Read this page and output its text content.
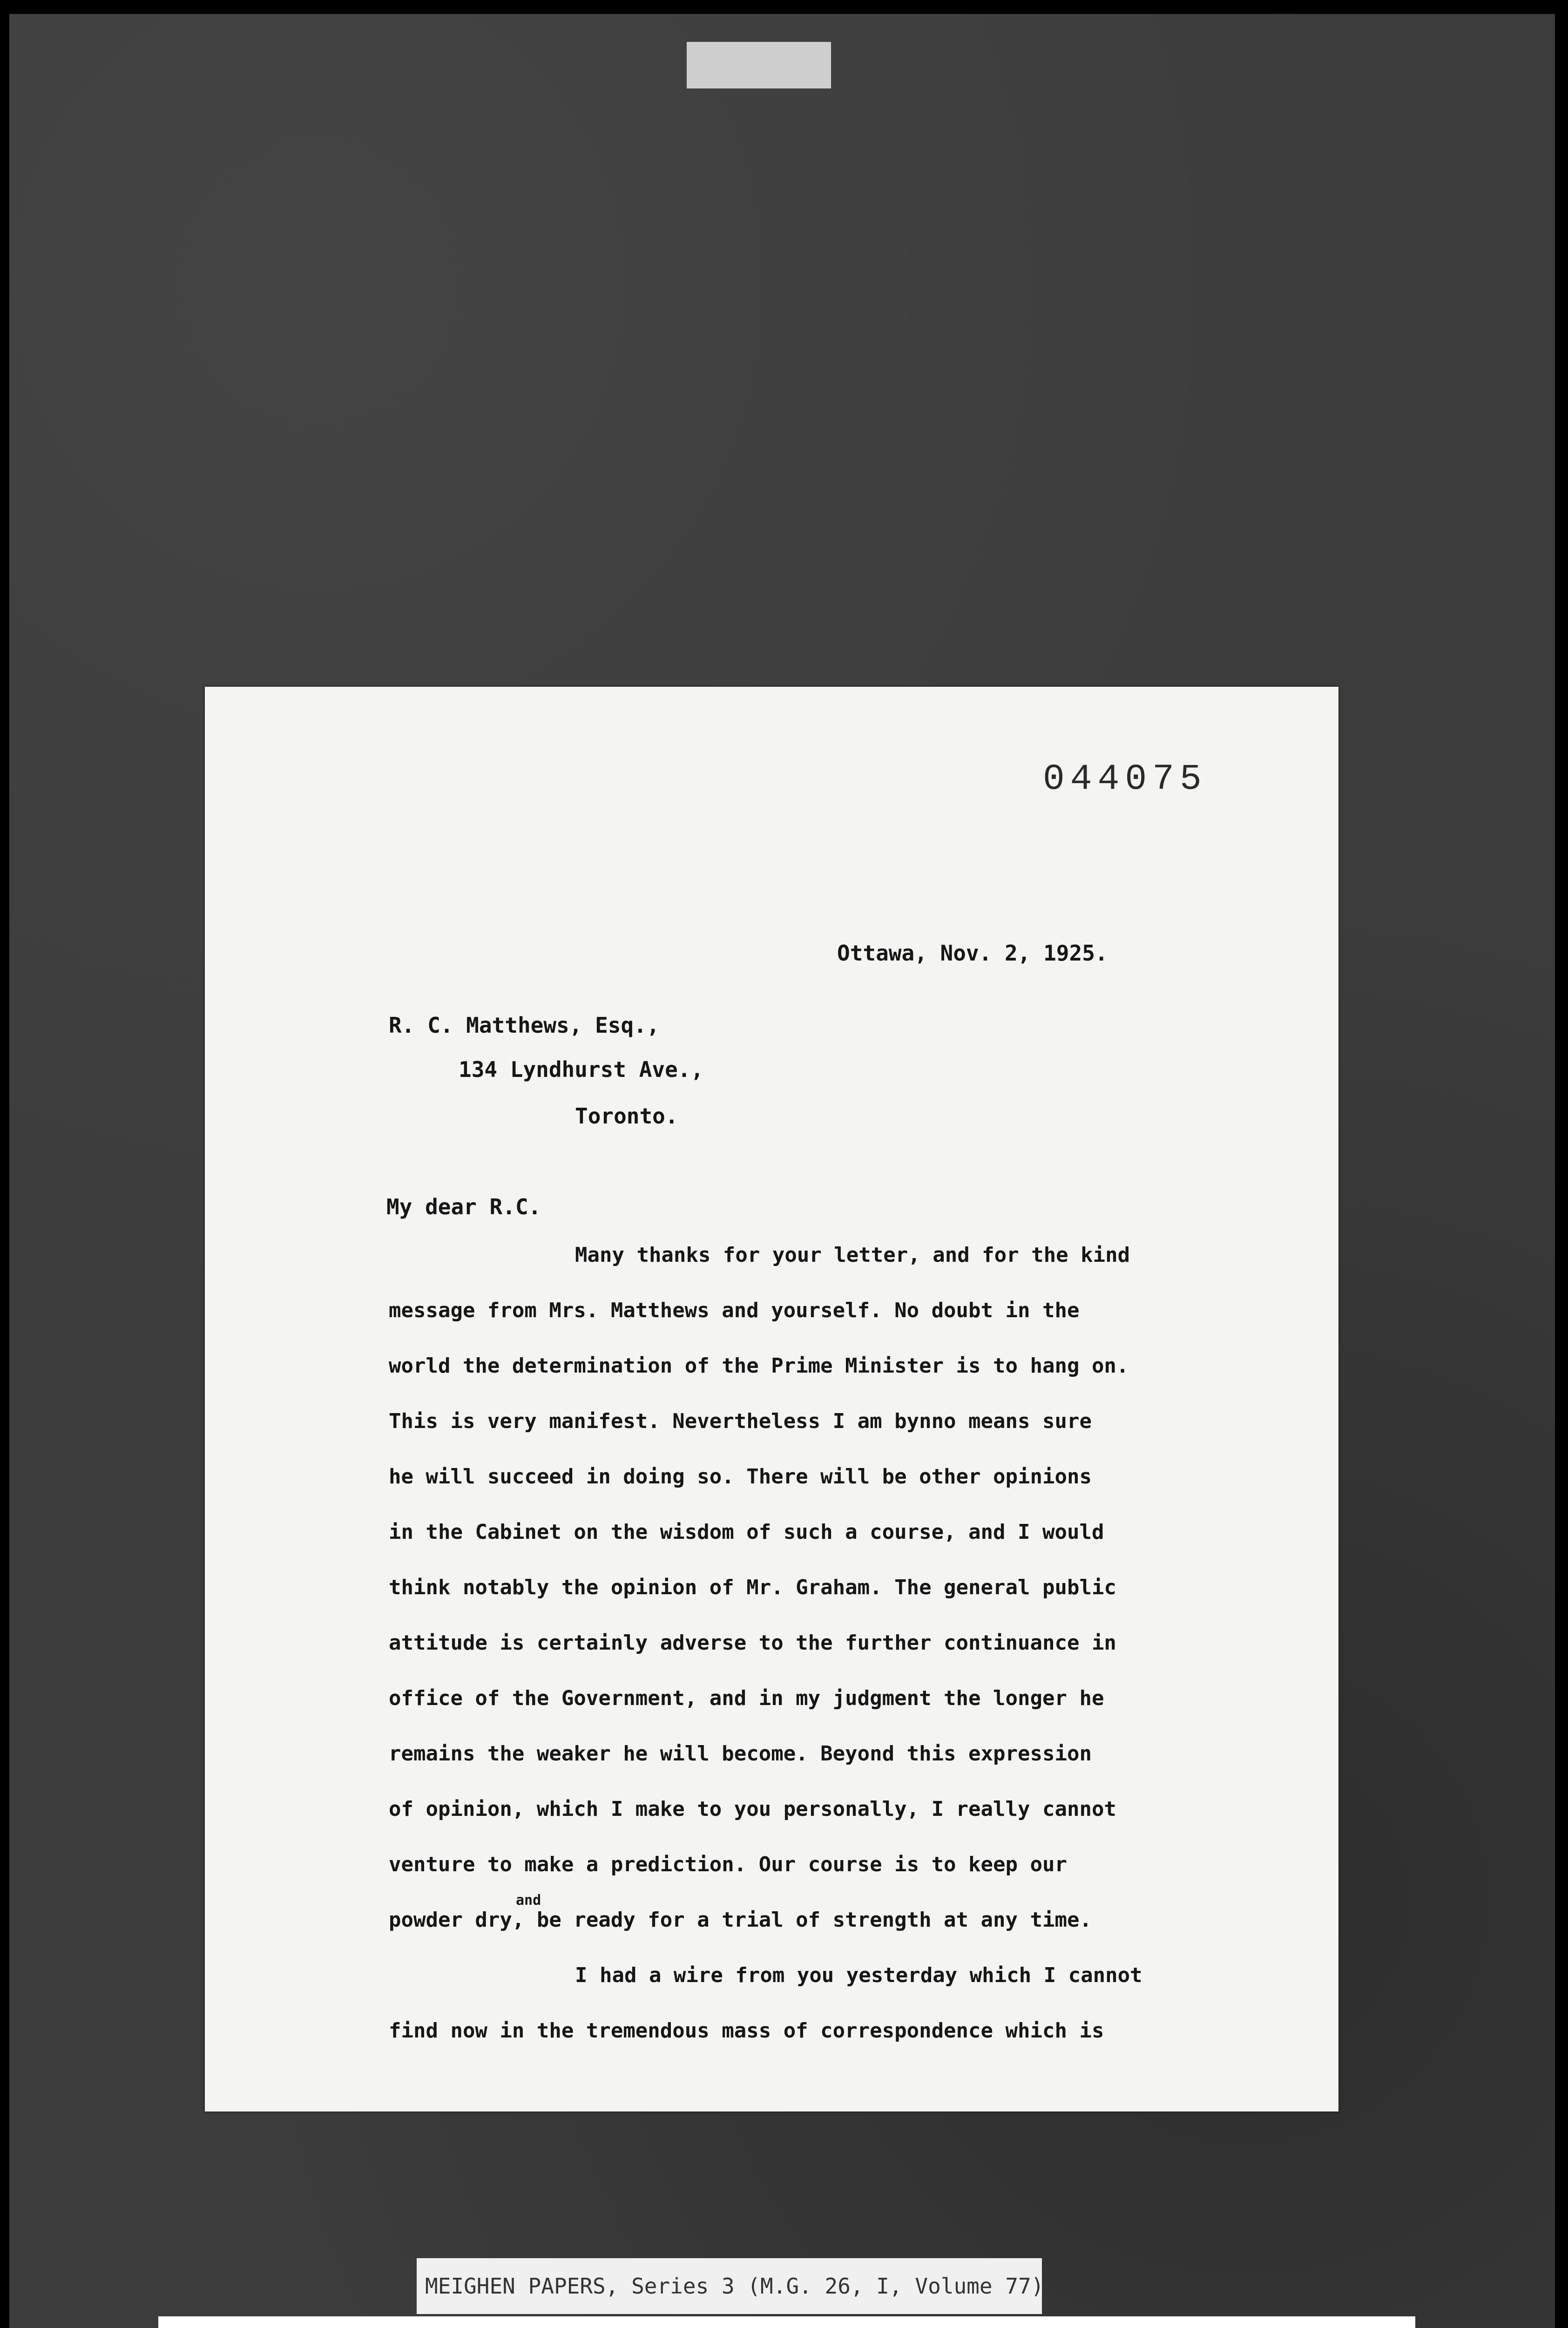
044075
Ottawa, Nov. 2, 1925.
R. C. Matthews, Esq.,
134 Lyndhurst Ave.,
Toronto.
My dear R.C.
Many thanks for your letter, and for the kind
message from Mrs. Matthews and yourself. No doubt in the
world the determination of the Prime Minister is to hang on.
This is very manifest. Nevertheless I am bynno means sure
he will succeed in doing so. There will be other opinions
in the Cabinet on the wisdom of such a course, and I would
think notably the opinion of Mr. Graham. The general public
attitude is certainly adverse to the further continuance in
office of the Government, and in my judgment the longer he
remains the weaker he will become. Beyond this expression
of opinion, which I make to you personally, I really cannot
venture to make a prediction. Our course is to keep our
powder dry, be ready for a trial of strength at any time.
I had a wire from you yesterday which I cannot
find now in the tremendous mass of correspondence which is
and
MEIGHEN PAPERS, Series 3 (M.G. 26, I, Volume 77)
